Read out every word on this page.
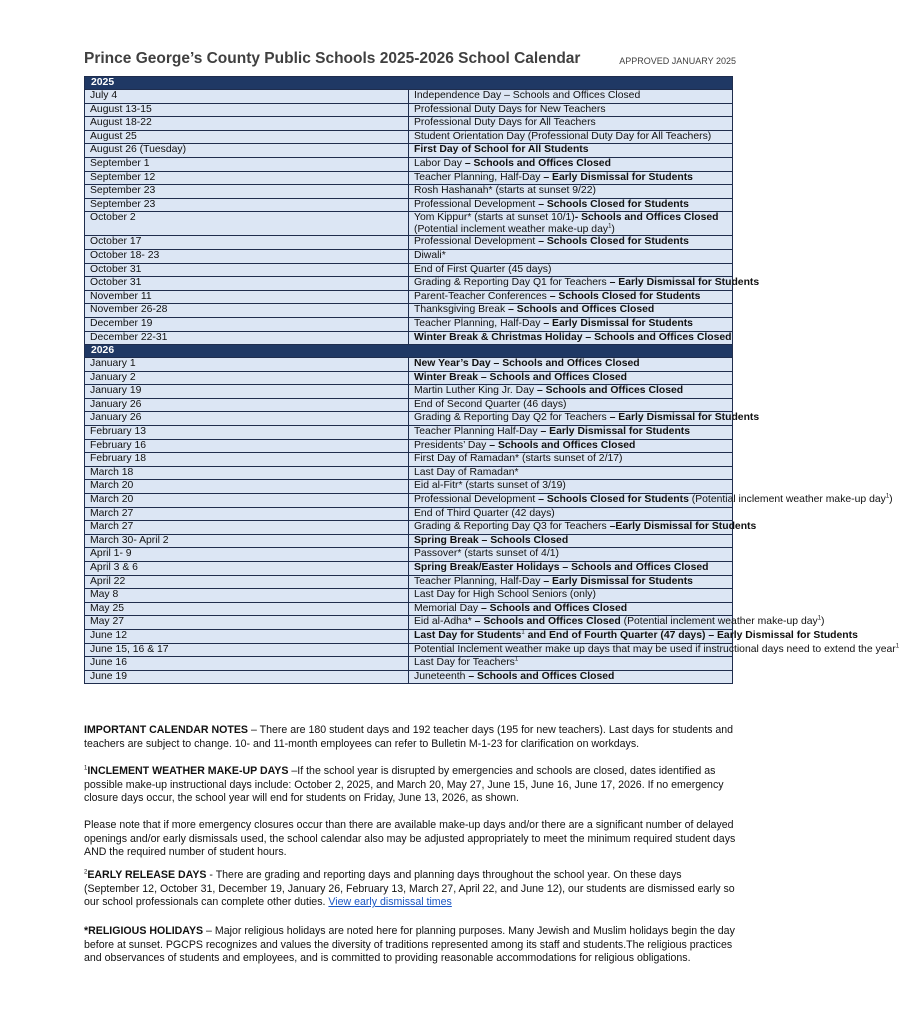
Prince George’s County Public Schools 2025-2026 School Calendar	APPROVED JANUARY 2025
2025	
July 4	Independence Day – Schools and Offices Closed
August 13-15	Professional Duty Days for New Teachers
August 18-22	Professional Duty Days for All Teachers
August 25	Student Orientation Day (Professional Duty Day for All Teachers)
August 26 (Tuesday)	First Day of School for All Students
September 1	Labor Day – Schools and Offices Closed
September 12	Teacher Planning, Half-Day – Early Dismissal for Students
September 23	Rosh Hashanah* (starts at sunset 9/22)
September 23	Professional Development – Schools Closed for Students
October 2	Yom Kippur* (starts at sunset 10/1)- Schools and Offices Closed (Potential inclement weather make-up day$^1$)
October 17	Professional Development – Schools Closed for Students
October 18- 23	Diwali*
October 31	End of First Quarter (45 days)
October 31	Grading & Reporting Day Q1 for Teachers – Early Dismissal for Students
November 11	Parent-Teacher Conferences – Schools Closed for Students
November 26-28	Thanksgiving Break – Schools and Offices Closed
December 19	Teacher Planning, Half-Day – Early Dismissal for Students
December 22-31	Winter Break & Christmas Holiday – Schools and Offices Closed
2026	
January 1	New Year’s Day – Schools and Offices Closed
January 2	Winter Break – Schools and Offices Closed
January 19	Martin Luther King Jr. Day – Schools and Offices Closed
January 26	End of Second Quarter (46 days)
January 26	Grading & Reporting Day Q2 for Teachers – Early Dismissal for Students
February 13	Teacher Planning Half-Day – Early Dismissal for Students
February 16	Presidents’ Day – Schools and Offices Closed
February 18	First Day of Ramadan* (starts sunset of 2/17)
March 18	Last Day of Ramadan*
March 20	Eid al-Fitr* (starts sunset of 3/19)
March 20	Professional Development – Schools Closed for Students (Potential inclement weather make-up day$^1$)
March 27	End of Third Quarter (42 days)
March 27	Grading & Reporting Day Q3 for Teachers –Early Dismissal for Students
March 30- April 2	Spring Break – Schools Closed
April 1- 9	Passover* (starts sunset of 4/1)
April 3 & 6	Spring Break/Easter Holidays – Schools and Offices Closed
April 22	Teacher Planning, Half-Day – Early Dismissal for Students
May 8	Last Day for High School Seniors (only)
May 25	Memorial Day – Schools and Offices Closed
May 27	Eid al-Adha* – Schools and Offices Closed (Potential inclement weather make-up day$^1$)
June 12	Last Day for Students$^1$ and End of Fourth Quarter (47 days) – Early Dismissal for Students
June 15, 16 & 17	Potential Inclement weather make up days that may be used if instructional days need to extend the year$^1$
June 16	Last Day for Teachers$^1$
June 19	Juneteenth – Schools and Offices Closed
IMPORTANT CALENDAR NOTES – There are 180 student days and 192 teacher days (195 for new teachers). Last days for students and teachers are subject to change. 10- and 11-month employees can refer to Bulletin M-1-23 for clarification on workdays.
$^1$INCLEMENT WEATHER MAKE-UP DAYS –If the school year is disrupted by emergencies and schools are closed, dates identified as possible make-up instructional days include: October 2, 2025, and March 20, May 27, June 15, June 16, June 17, 2026. If no emergency closure days occur, the school year will end for students on Friday, June 13, 2026, as shown.
Please note that if more emergency closures occur than there are available make-up days and/or there are a significant number of delayed openings and/or early dismissals used, the school calendar also may be adjusted appropriately to meet the minimum required student days AND the required number of student hours.
$^2$EARLY RELEASE DAYS - There are grading and reporting days and planning days throughout the school year. On these days (September 12, October 31, December 19, January 26, February 13, March 27, April 22, and June 12), our students are dismissed early so our school professionals can complete other duties. View early dismissal times
*RELIGIOUS HOLIDAYS – Major religious holidays are noted here for planning purposes. Many Jewish and Muslim holidays begin the day before at sunset. PGCPS recognizes and values the diversity of traditions represented among its staff and students.The religious practices and observances of students and employees, and is committed to providing reasonable accommodations for religious obligations.
